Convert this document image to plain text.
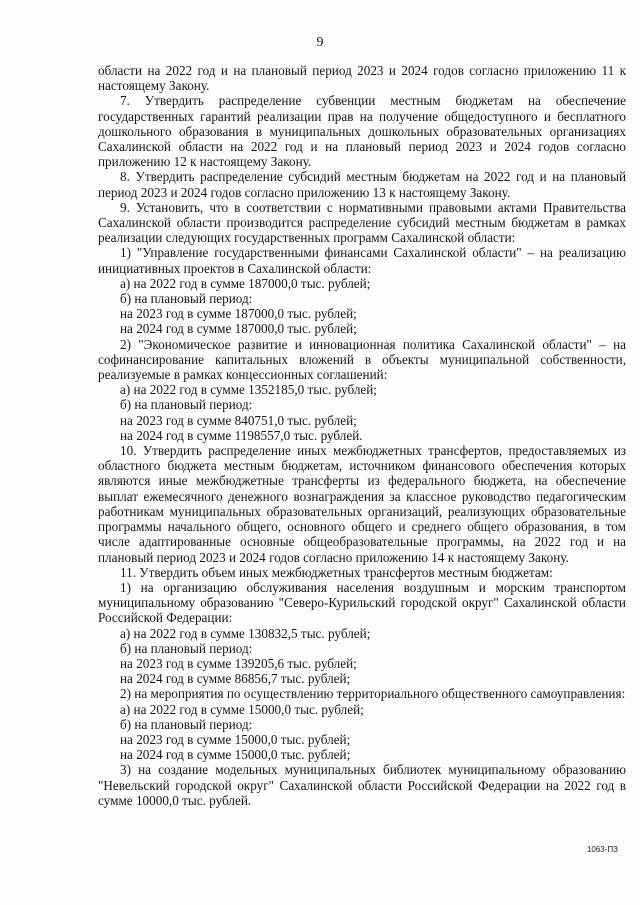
9

области на 2022 год и на плановый период 2023 и 2024 годов согласно приложению 11 к настоящему Закону.

7. Утвердить распределение субвенции местным бюджетам на обеспечение государственных гарантий реализации прав на получение общедоступного и бесплатного дошкольного образования в муниципальных дошкольных образовательных организациях Сахалинской области на 2022 год и на плановый период 2023 и 2024 годов согласно приложению 12 к настоящему Закону.

8. Утвердить распределение субсидий местным бюджетам на 2022 год и на плановый период 2023 и 2024 годов согласно приложению 13 к настоящему Закону.

9. Установить, что в соответствии с нормативными правовыми актами Правительства Сахалинской области производится распределение субсидий местным бюджетам в рамках реализации следующих государственных программ Сахалинской области:

1) "Управление государственными финансами Сахалинской области" – на реализацию инициативных проектов в Сахалинской области:

а) на 2022 год в сумме 187000,0 тыс. рублей;

б) на плановый период:

на 2023 год в сумме 187000,0 тыс. рублей;

на 2024 год в сумме 187000,0 тыс. рублей;

2) "Экономическое развитие и инновационная политика Сахалинской области" – на софинансирование капитальных вложений в объекты муниципальной собственности, реализуемые в рамках концессионных соглашений:

а) на 2022 год в сумме 1352185,0 тыс. рублей;

б) на плановый период:

на 2023 год в сумме 840751,0 тыс. рублей;

на 2024 год в сумме 1198557,0 тыс. рублей.

10. Утвердить распределение иных межбюджетных трансфертов, предоставляемых из областного бюджета местным бюджетам, источником финансового обеспечения которых являются иные межбюджетные трансферты из федерального бюджета, на обеспечение выплат ежемесячного денежного вознаграждения за классное руководство педагогическим работникам муниципальных образовательных организаций, реализующих образовательные программы начального общего, основного общего и среднего общего образования, в том числе адаптированные основные общеобразовательные программы, на 2022 год и на плановый период 2023 и 2024 годов согласно приложению 14 к настоящему Закону.

11. Утвердить объем иных межбюджетных трансфертов местным бюджетам:

1) на организацию обслуживания населения воздушным и морским транспортом муниципальному образованию "Северо-Курильский городской округ" Сахалинской области Российской Федерации:

а) на 2022 год в сумме 130832,5 тыс. рублей;

б) на плановый период:

на 2023 год в сумме 139205,6 тыс. рублей;

на 2024 год в сумме 86856,7 тыс. рублей;

2) на мероприятия по осуществлению территориального общественного самоуправления:

а) на 2022 год в сумме 15000,0 тыс. рублей;

б) на плановый период:

на 2023 год в сумме 15000,0 тыс. рублей;

на 2024 год в сумме 15000,0 тыс. рублей;

3) на создание модельных муниципальных библиотек муниципальному образованию "Невельский городской округ" Сахалинской области Российской Федерации на 2022 год в сумме 10000,0 тыс. рублей.

1063-ПЗ
